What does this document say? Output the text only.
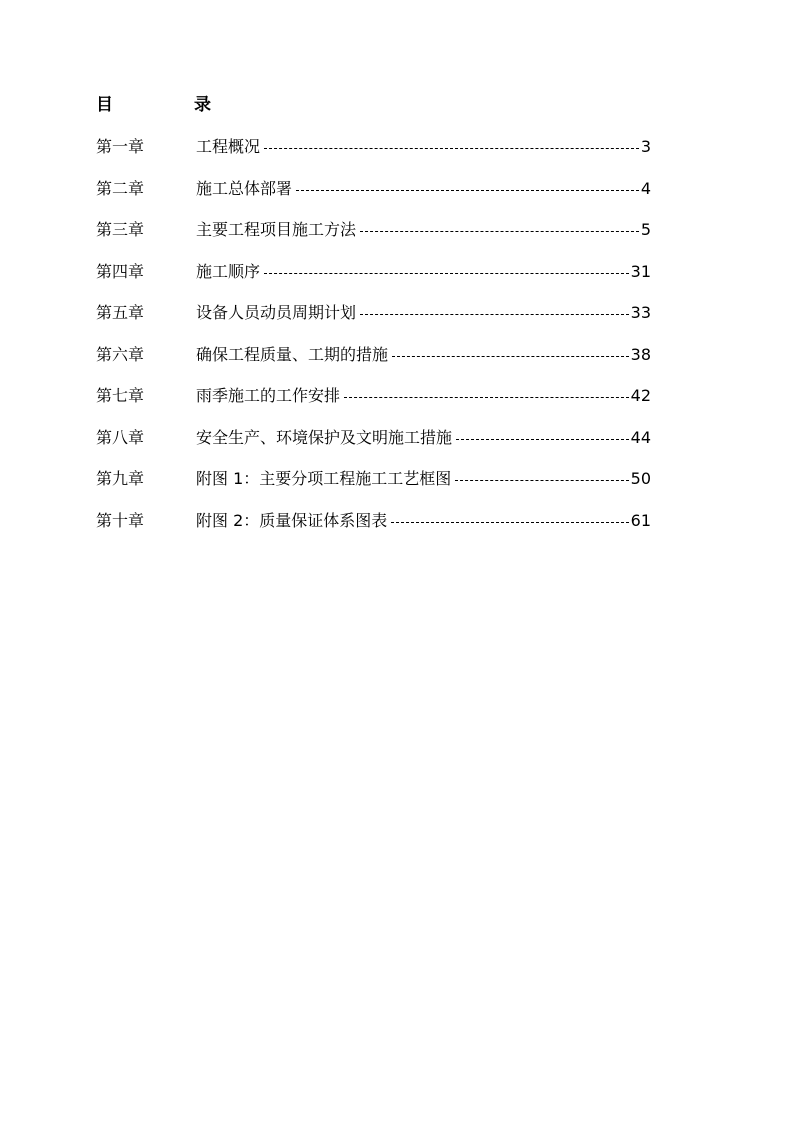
目	录
第一章	工程概况	3
第二章	施工总体部署	4
第三章	主要工程项目施工方法	5
第四章	施工顺序	31
第五章	设备人员动员周期计划	33
第六章	确保工程质量、工期的措施	38
第七章	雨季施工的工作安排	42
第八章	安全生产、环境保护及文明施工措施	44
第九章	附图 1：主要分项工程施工工艺框图	50
第十章	附图 2：质量保证体系图表	61
